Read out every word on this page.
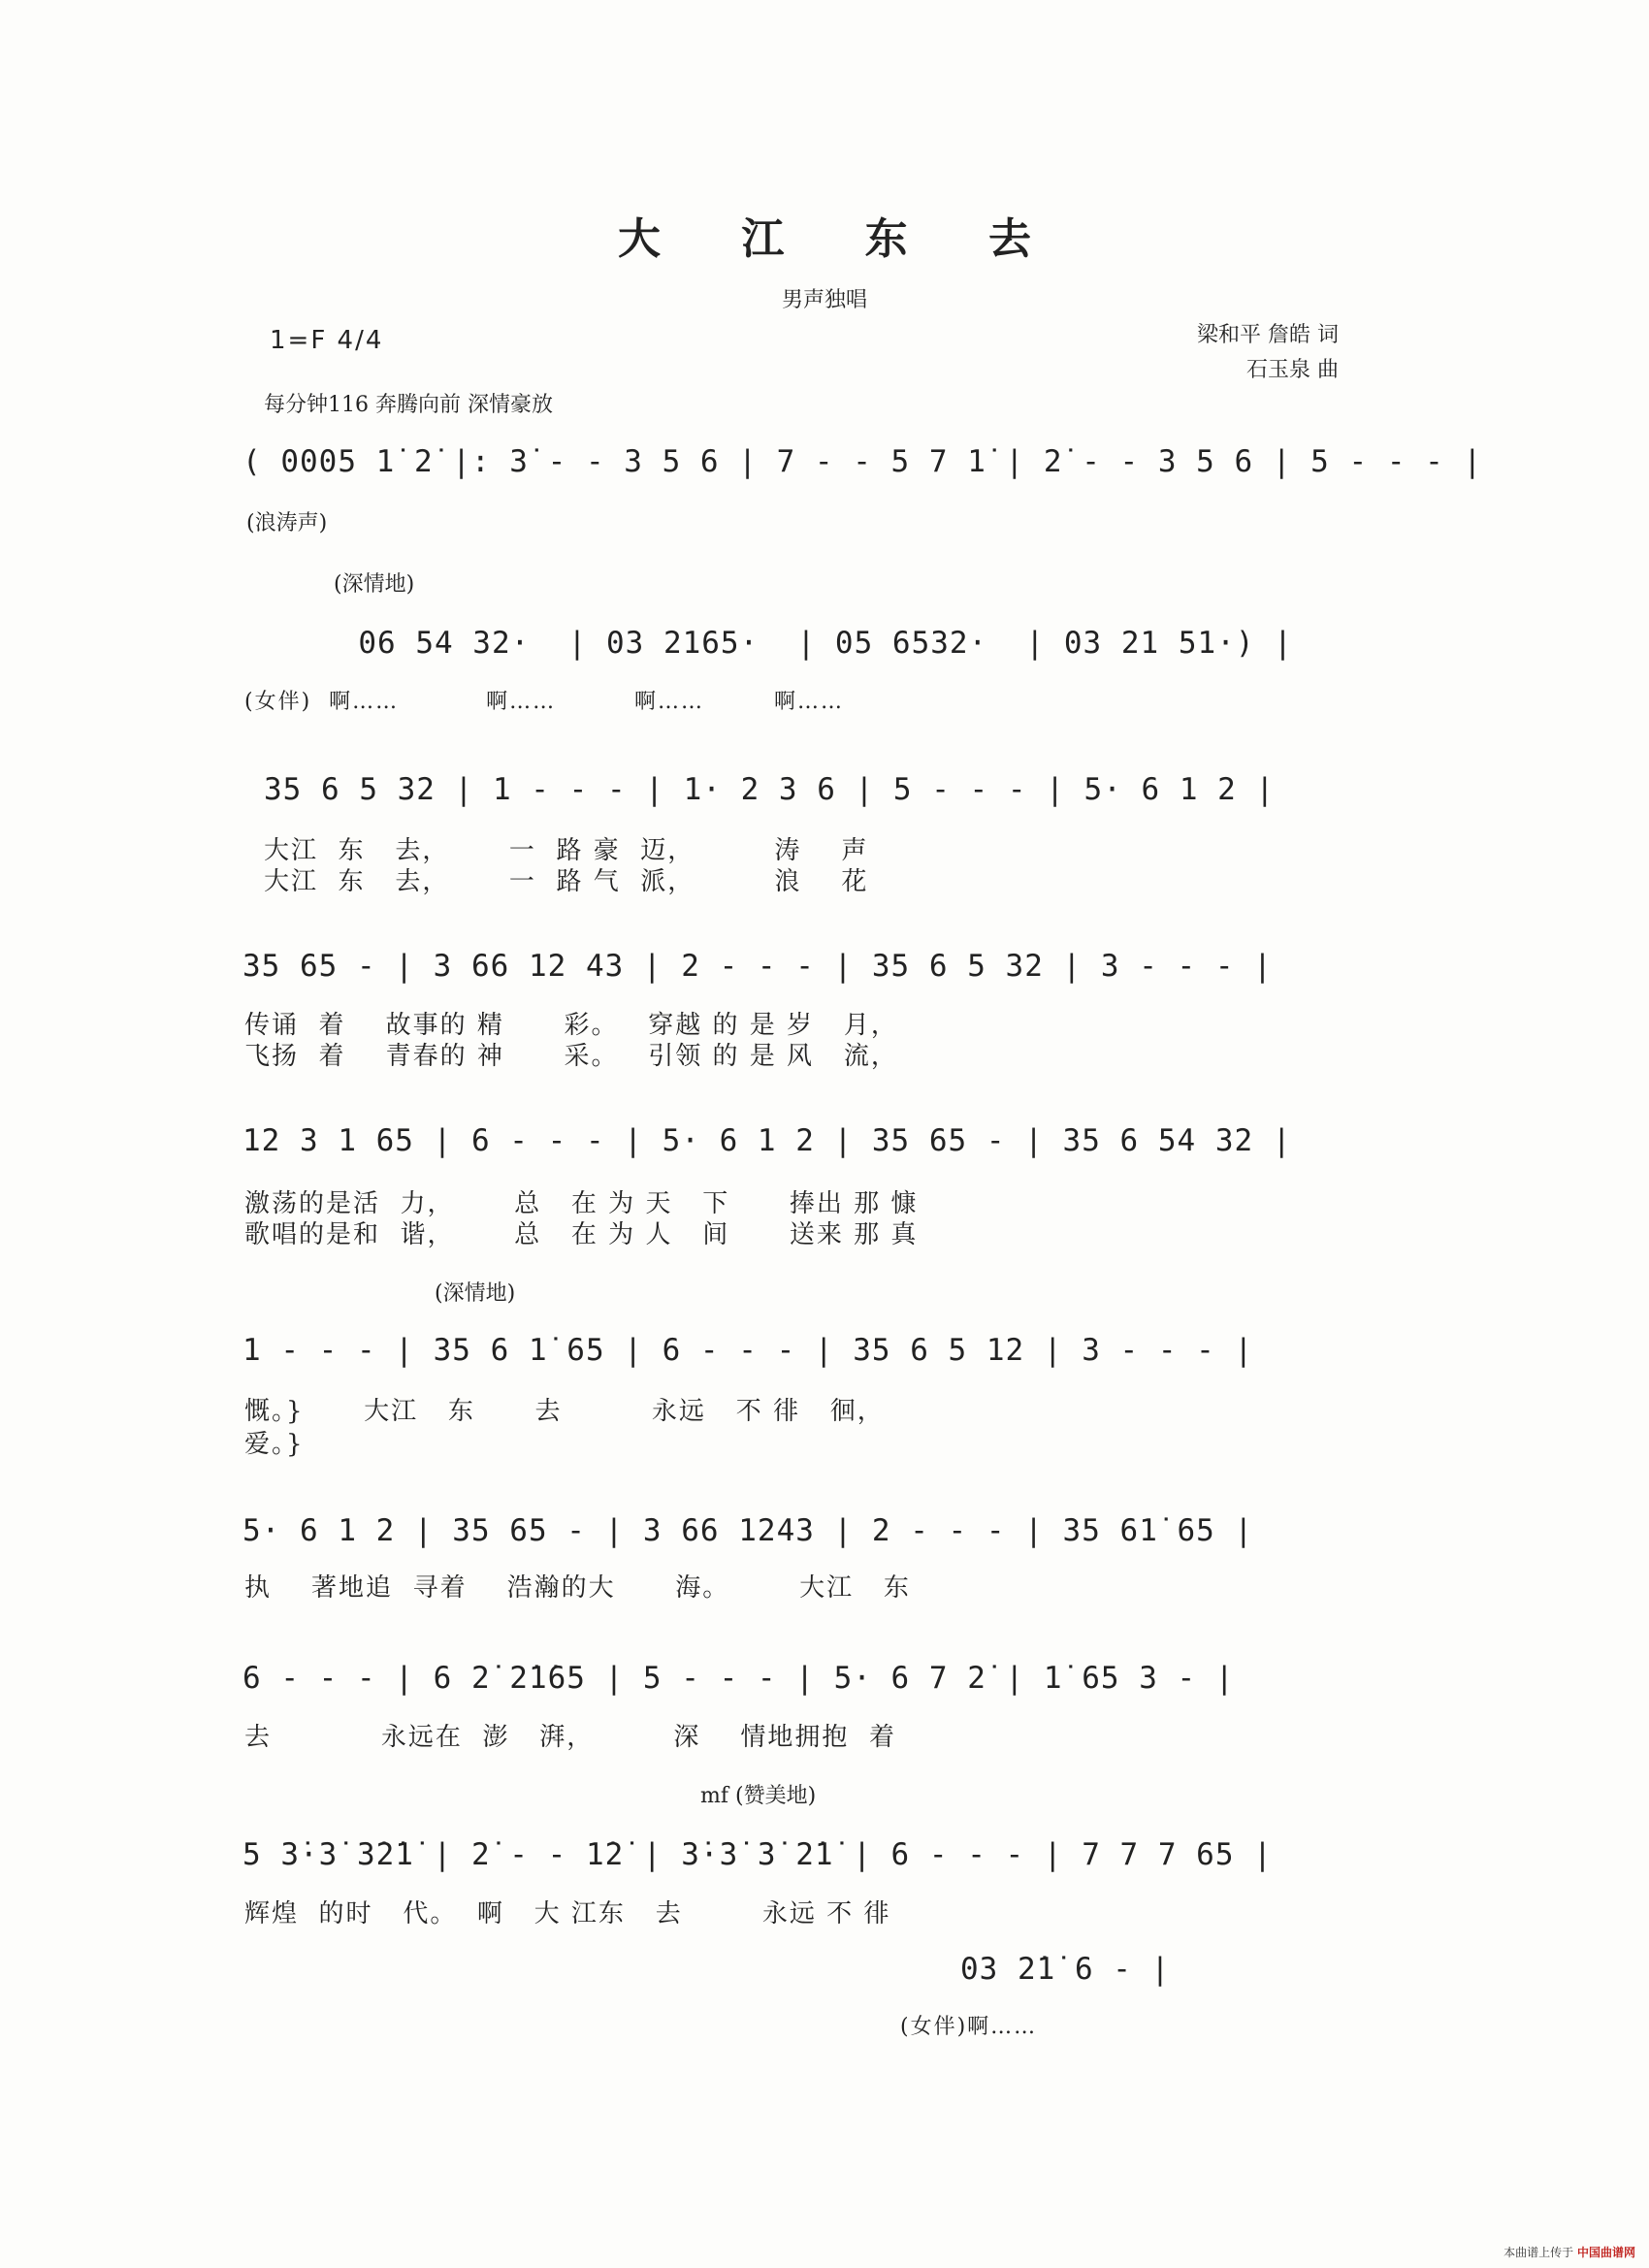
大 江 东 去
男声独唱
1=F 4/4	梁和平 詹皓 词
石玉泉 曲
每分钟116 奔腾向前 深情豪放
( 0005 1̇ 2̇ |: 3̇ - - 3 5 6 | 7 - - 5 7 1̇ | 2̇ - - 3 5 6 | 5 - - - |
(浪涛声)
(深情地)
06 54 32·  | 03 2165·  | 05 6532·  | 03 21 51·) |
(女伴)  啊……          啊……         啊……        啊……
35 6 5 32 | 1 - - - | 1· 2 3 6 | 5 - - - | 5· 6 1 2 |
大江  东   去，      一  路 豪  迈，        涛    声
大江  东   去，      一  路 气  派，        浪    花
35 65 - | 3 66 12 43 | 2 - - - | 35 6 5 32 | 3 - - - |
传诵  着    故事的 精      彩。   穿越 的 是 岁   月，
飞扬  着    青春的 神      采。   引领 的 是 风   流，
12 3 1 65 | 6 - - - | 5· 6 1 2 | 35 65 - | 35 6 54 32 |
激荡的是活  力，      总   在 为 天   下      捧出 那 慷
歌唱的是和  谐，      总   在 为 人   间      送来 那 真
(深情地)
1 - - - | 35 6 1̇ 65 | 6 - - - | 35 6 5 12 | 3 - - - |
慨。}      大江   东      去         永远   不 徘   徊，
爱。}
5· 6 1 2 | 35 65 - | 3 66 1243 | 2 - - - | 35 61̇ 65 |
执    著地追  寻着    浩瀚的大      海。       大江   东
6 - - - | 6 2̇ 2̇1̇65 | 5 - - - | 5· 6 7 2̇ | 1̇ 65 3 - |
去           永远在  澎   湃，        深    情地拥抱  着
mf (赞美地)
5 3̇·3̇ 3̇2̇1̇ | 2̇ - - 1̇2̇ | 3̇·3̇ 3̇ 2̇1̇ | 6 - - - | 7 7 7 65 |
辉煌  的时   代。  啊   大 江东   去        永远 不 徘
03 2̇1̇ 6 - |
(女伴)啊……
本曲谱上传于 中国曲谱网
